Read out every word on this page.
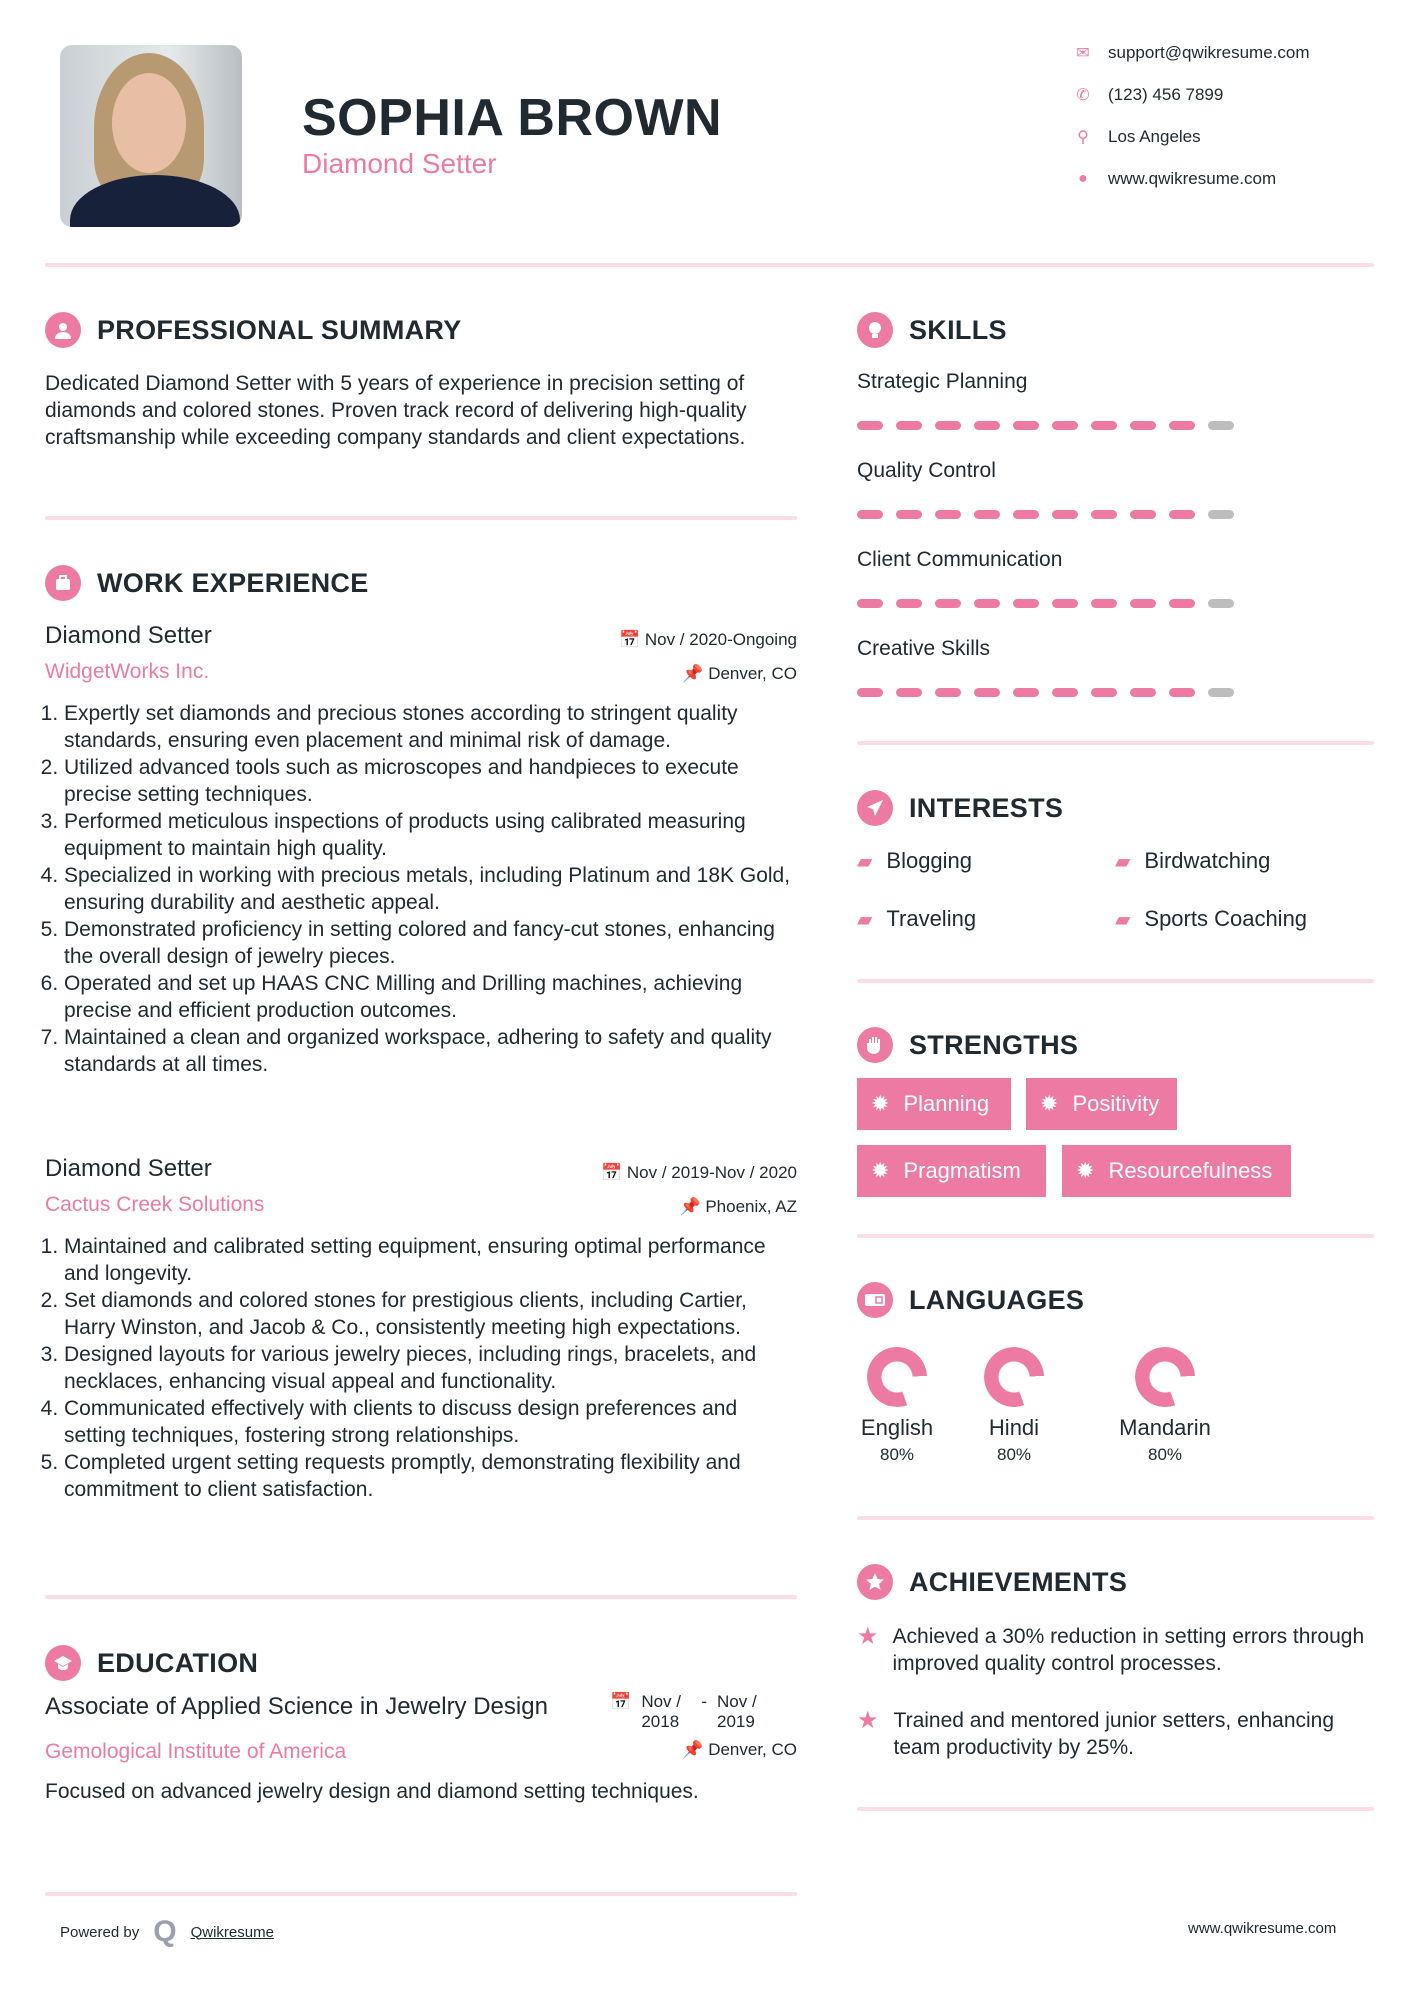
SOPHIA BROWN
Diamond Setter
✉ support@qwikresume.com
✆ (123) 456 7899
⚲	Los Angeles
●	www.qwikresume.com
PROFESSIONAL SUMMARY

Dedicated Diamond Setter with 5 years of experience in precision setting of diamonds and colored stones. Proven track record of delivering high-quality craftsmanship while exceeding company standards and client expectations.

WORK EXPERIENCE
Diamond Setter
WidgetWorks Inc.
📅 Nov / 2020-Ongoing
📌 Denver, CO
1. Expertly set diamonds and precious stones according to stringent quality standards, ensuring even placement and minimal risk of damage.
2. Utilized advanced tools such as microscopes and handpieces to execute precise setting techniques.
3. Performed meticulous inspections of products using calibrated measuring equipment to maintain high quality.
4. Specialized in working with precious metals, including Platinum and 18K Gold, ensuring durability and aesthetic appeal.
5. Demonstrated proficiency in setting colored and fancy-cut stones, enhancing the overall design of jewelry pieces.
6. Operated and set up HAAS CNC Milling and Drilling machines, achieving precise and efficient production outcomes.
7. Maintained a clean and organized workspace, adhering to safety and quality standards at all times.
Diamond Setter
Cactus Creek Solutions
📅 Nov / 2019-Nov / 2020
📌 Phoenix, AZ
1. Maintained and calibrated setting equipment, ensuring optimal performance and longevity.
2. Set diamonds and colored stones for prestigious clients, including Cartier, Harry Winston, and Jacob & Co., consistently meeting high expectations.
3. Designed layouts for various jewelry pieces, including rings, bracelets, and necklaces, enhancing visual appeal and functionality.
4. Communicated effectively with clients to discuss design preferences and setting techniques, fostering strong relationships.
5. Completed urgent setting requests promptly, demonstrating flexibility and commitment to client satisfaction.
EDUCATION
Associate of Applied Science in Jewelry Design	📅 Nov / 2018
- Nov / 2019
Gemological Institute of America	📌 Denver, CO

Focused on advanced jewelry design and diamond setting techniques.

Powered by Q Qwikresume	www.qwikresume.com
SKILLS
Strategic Planning
Quality Control
Client Communication
Creative Skills
INTERESTS
▰ Blogging	▰ Birdwatching
▰ Traveling	▰ Sports Coaching
STRENGTHS
✹ Planning ✹ Positivity
✹ Pragmatism	✹ Resourcefulness
LANGUAGES
English
80%
Hindi
80%
Mandarin
80%
ACHIEVEMENTS
★ Achieved a 30% reduction in setting errors through improved quality control processes.
★ Trained and mentored junior setters, enhancing team productivity by 25%.
